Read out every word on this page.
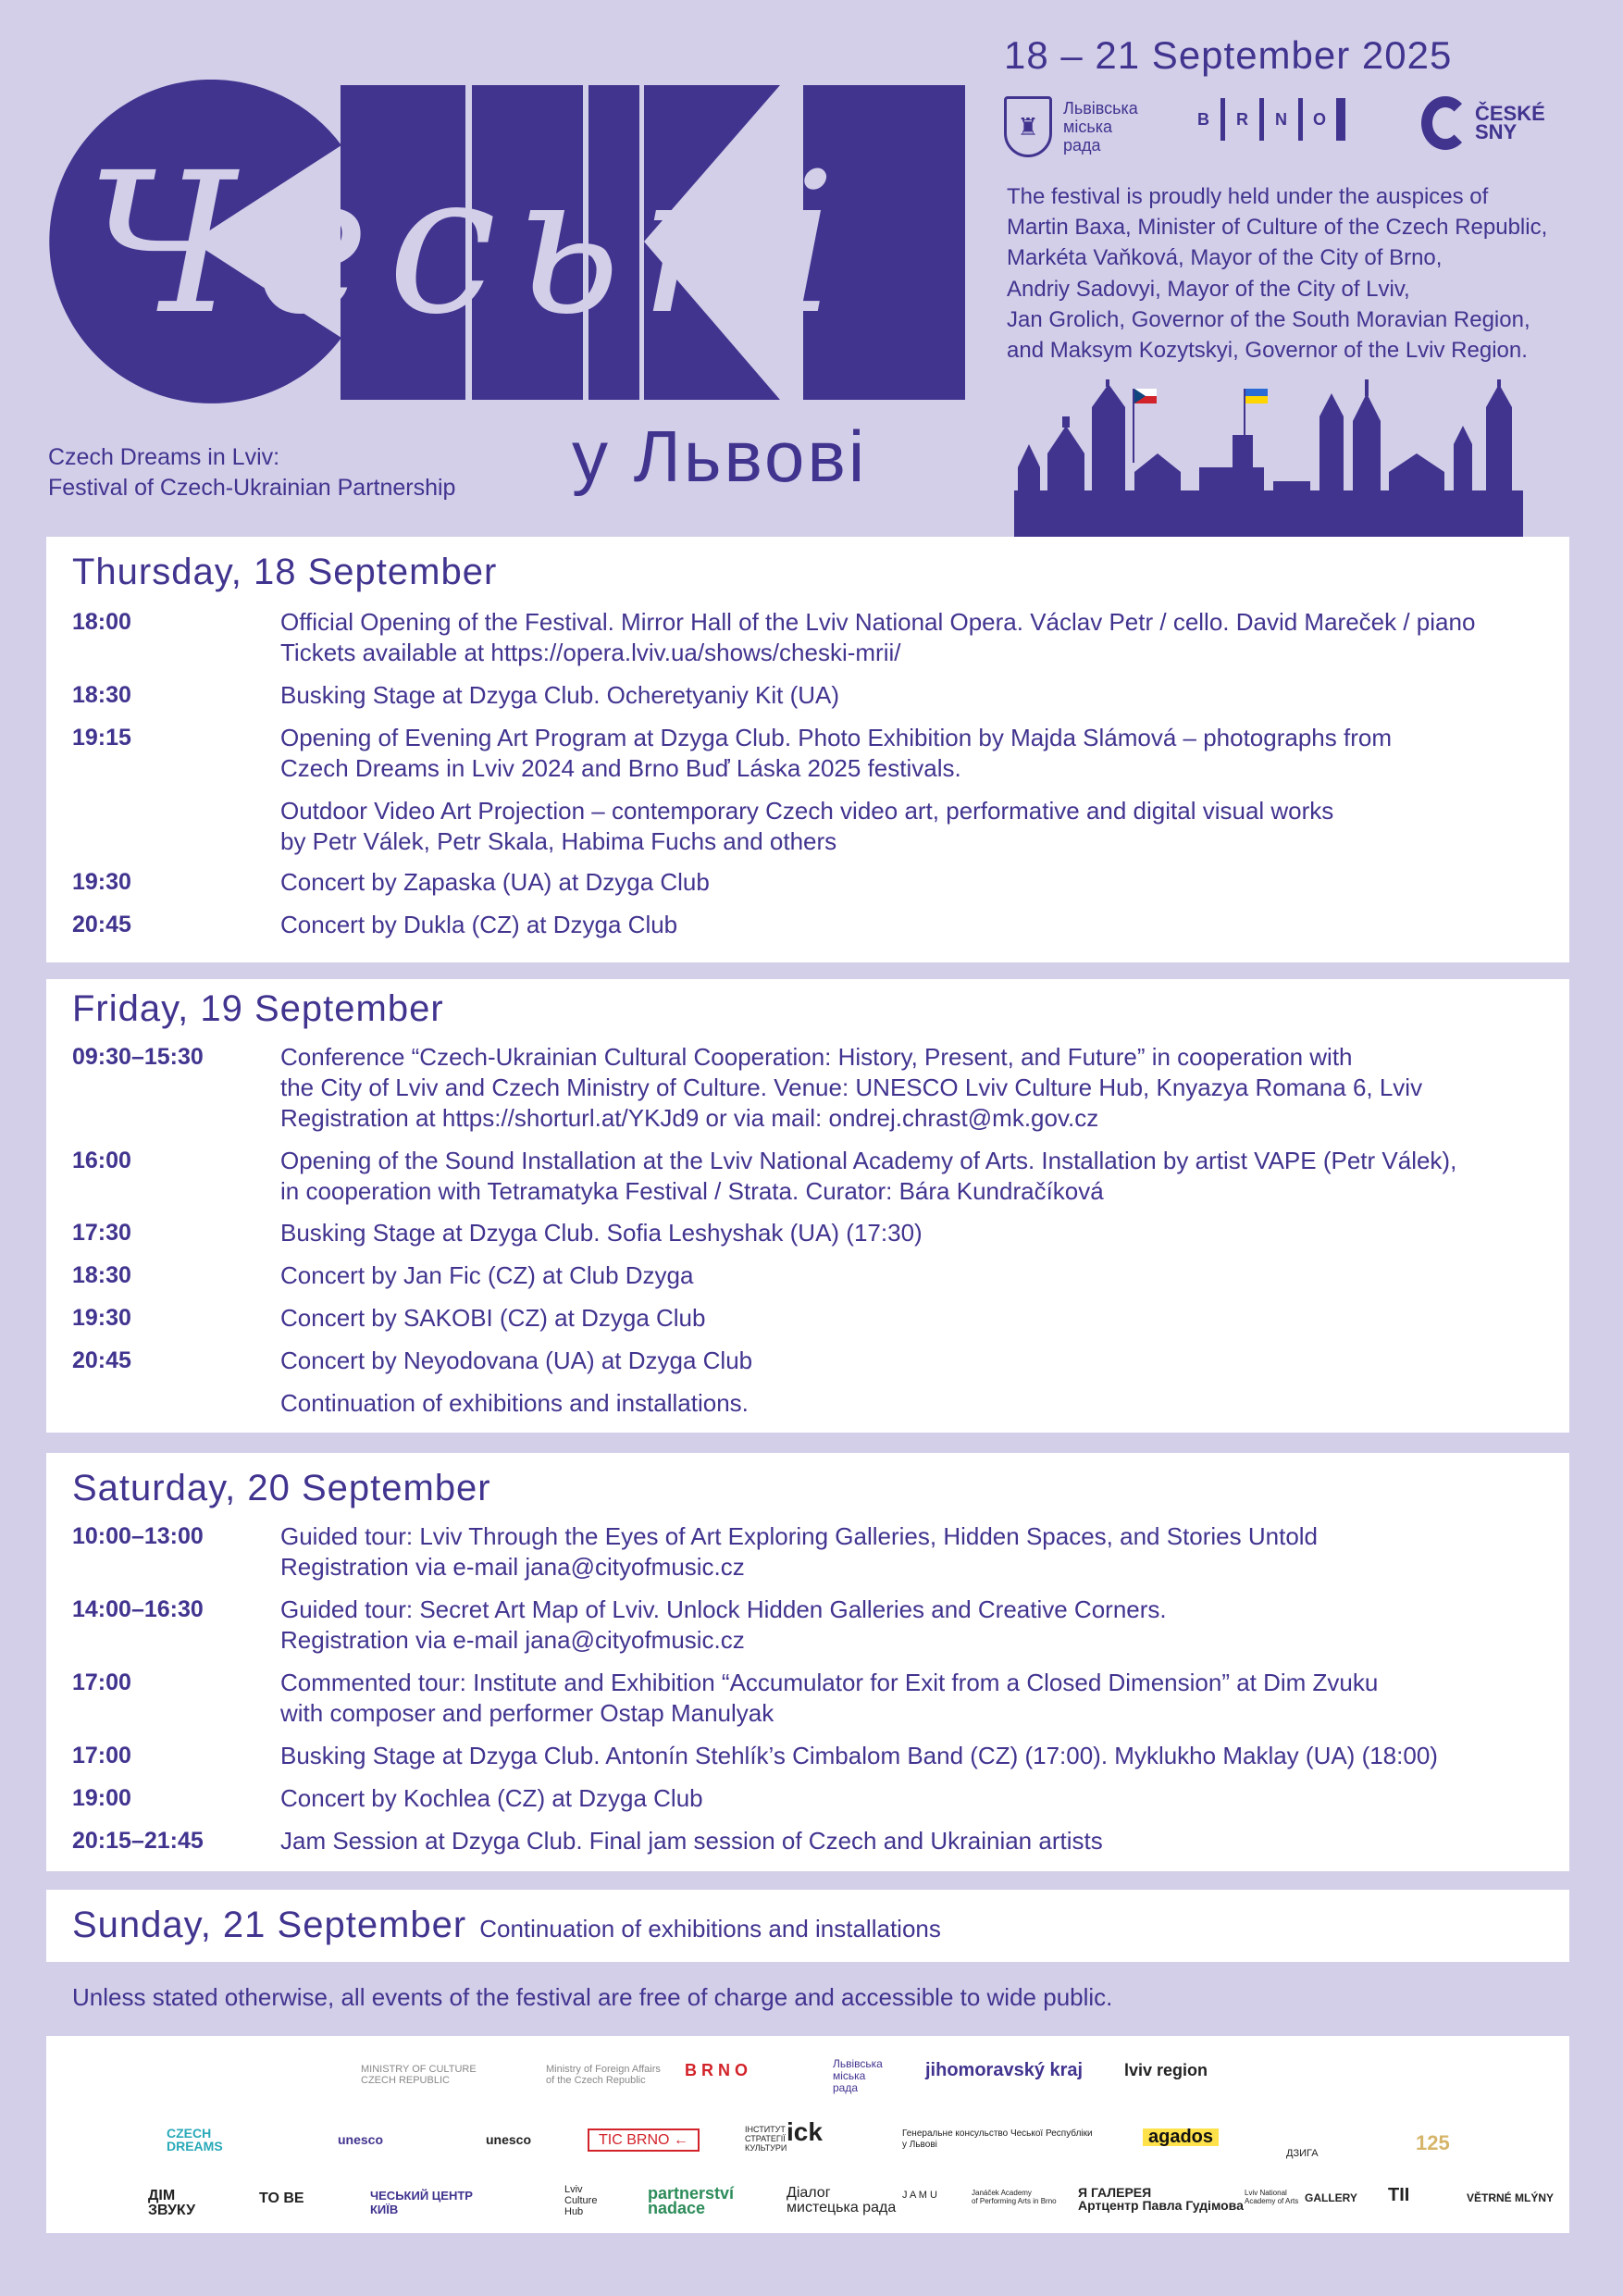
Чеські
18 – 21 September 2025
♜
Львівська
міська
рада
B	R	N	O	ČESKÉ
SNY
The festival is proudly held under the auspices of
Martin Baxa, Minister of Culture of the Czech Republic,
Markéta Vaňková, Mayor of the City of Brno,
Andriy Sadovyi, Mayor of the City of Lviv,
Jan Grolich, Governor of the South Moravian Region,
and Maksym Kozytskyi, Governor of the Lviv Region.
Czech Dreams in Lviv:
Festival of Czech-Ukrainian Partnership у Львові
Thursday, 18 September
18:00	Official Opening of the Festival. Mirror Hall of the Lviv National Opera. Václav Petr / cello. David Mareček / piano
Tickets available at https://opera.lviv.ua/shows/cheski-mrii/
18:30	Busking Stage at Dzyga Club. Ocheretyaniy Kit (UA)
19:15	Opening of Evening Art Program at Dzyga Club. Photo Exhibition by Majda Slámová – photographs from
Czech Dreams in Lviv 2024 and Brno Buď Láska 2025 festivals.
Outdoor Video Art Projection – contemporary Czech video art, performative and digital visual works
by Petr Válek, Petr Skala, Habima Fuchs and others
19:30	Concert by Zapaska (UA) at Dzyga Club
20:45	Concert by Dukla (CZ) at Dzyga Club
Friday, 19 September
09:30–15:30	Conference “Czech-Ukrainian Cultural Cooperation: History, Present, and Future” in cooperation with
the City of Lviv and Czech Ministry of Culture. Venue: UNESCO Lviv Culture Hub, Knyazya Romana 6, Lviv
Registration at https://shorturl.at/YKJd9 or via mail: ondrej.chrast@mk.gov.cz
16:00	Opening of the Sound Installation at the Lviv National Academy of Arts. Installation by artist VAPE (Petr Válek),
in cooperation with Tetramatyka Festival / Strata. Curator: Bára Kundračíková
17:30	Busking Stage at Dzyga Club. Sofia Leshyshak (UA) (17:30)
18:30	Concert by Jan Fic (CZ) at Club Dzyga
19:30	Concert by SAKOBI (CZ) at Dzyga Club
20:45	Concert by Neyodovana (UA) at Dzyga Club
Continuation of exhibitions and installations.
Saturday, 20 September
10:00–13:00	Guided tour: Lviv Through the Eyes of Art Exploring Galleries, Hidden Spaces, and Stories Untold
Registration via e-mail jana@cityofmusic.cz
14:00–16:30	Guided tour: Secret Art Map of Lviv. Unlock Hidden Galleries and Creative Corners.
Registration via e-mail jana@cityofmusic.cz
17:00	Commented tour: Institute and Exhibition “Accumulator for Exit from a Closed Dimension” at Dim Zvuku
with composer and performer Ostap Manulyak
17:00	Busking Stage at Dzyga Club. Antonín Stehlík’s Cimbalom Band (CZ) (17:00). Myklukho Maklay (UA) (18:00)
19:00	Concert by Kochlea (CZ) at Dzyga Club
20:15–21:45	Jam Session at Dzyga Club. Final jam session of Czech and Ukrainian artists
Sunday, 21 September Continuation of exhibitions and installations
Unless stated otherwise, all events of the festival are free of charge and accessible to wide public.
MINISTRY OF CULTURE
CZECH REPUBLIC
Ministry of Foreign Affairs
of the Czech Republic
B R N O	Львівська
міська
рада
jihomoravský kraj lviv region
CZECH
DREAMS	unesco	unesco	TIC BRNO ←
ІНСТИТУТ
СТРАТЕГІЇ
КУЛЬТУРИ
ick	Генеральне консульство Чеської Республіки
у Львові	agados
ДЗИГА	125
ДІМ
ЗВУКУ
TO BE	ЧЕСЬКИЙ ЦЕНТР
КИЇВ
Lviv
Culture
Hub
partnerství
nadace
Діалог
мистецька рада
J A M U	Janáček Academy
of Performing Arts in Brno
Я ГАЛЕРЕЯ
Артцентр Павла Гудімова
Lviv National
Academy of Arts GALLERY ТІІ	VĚTRNÉ MLÝNY
